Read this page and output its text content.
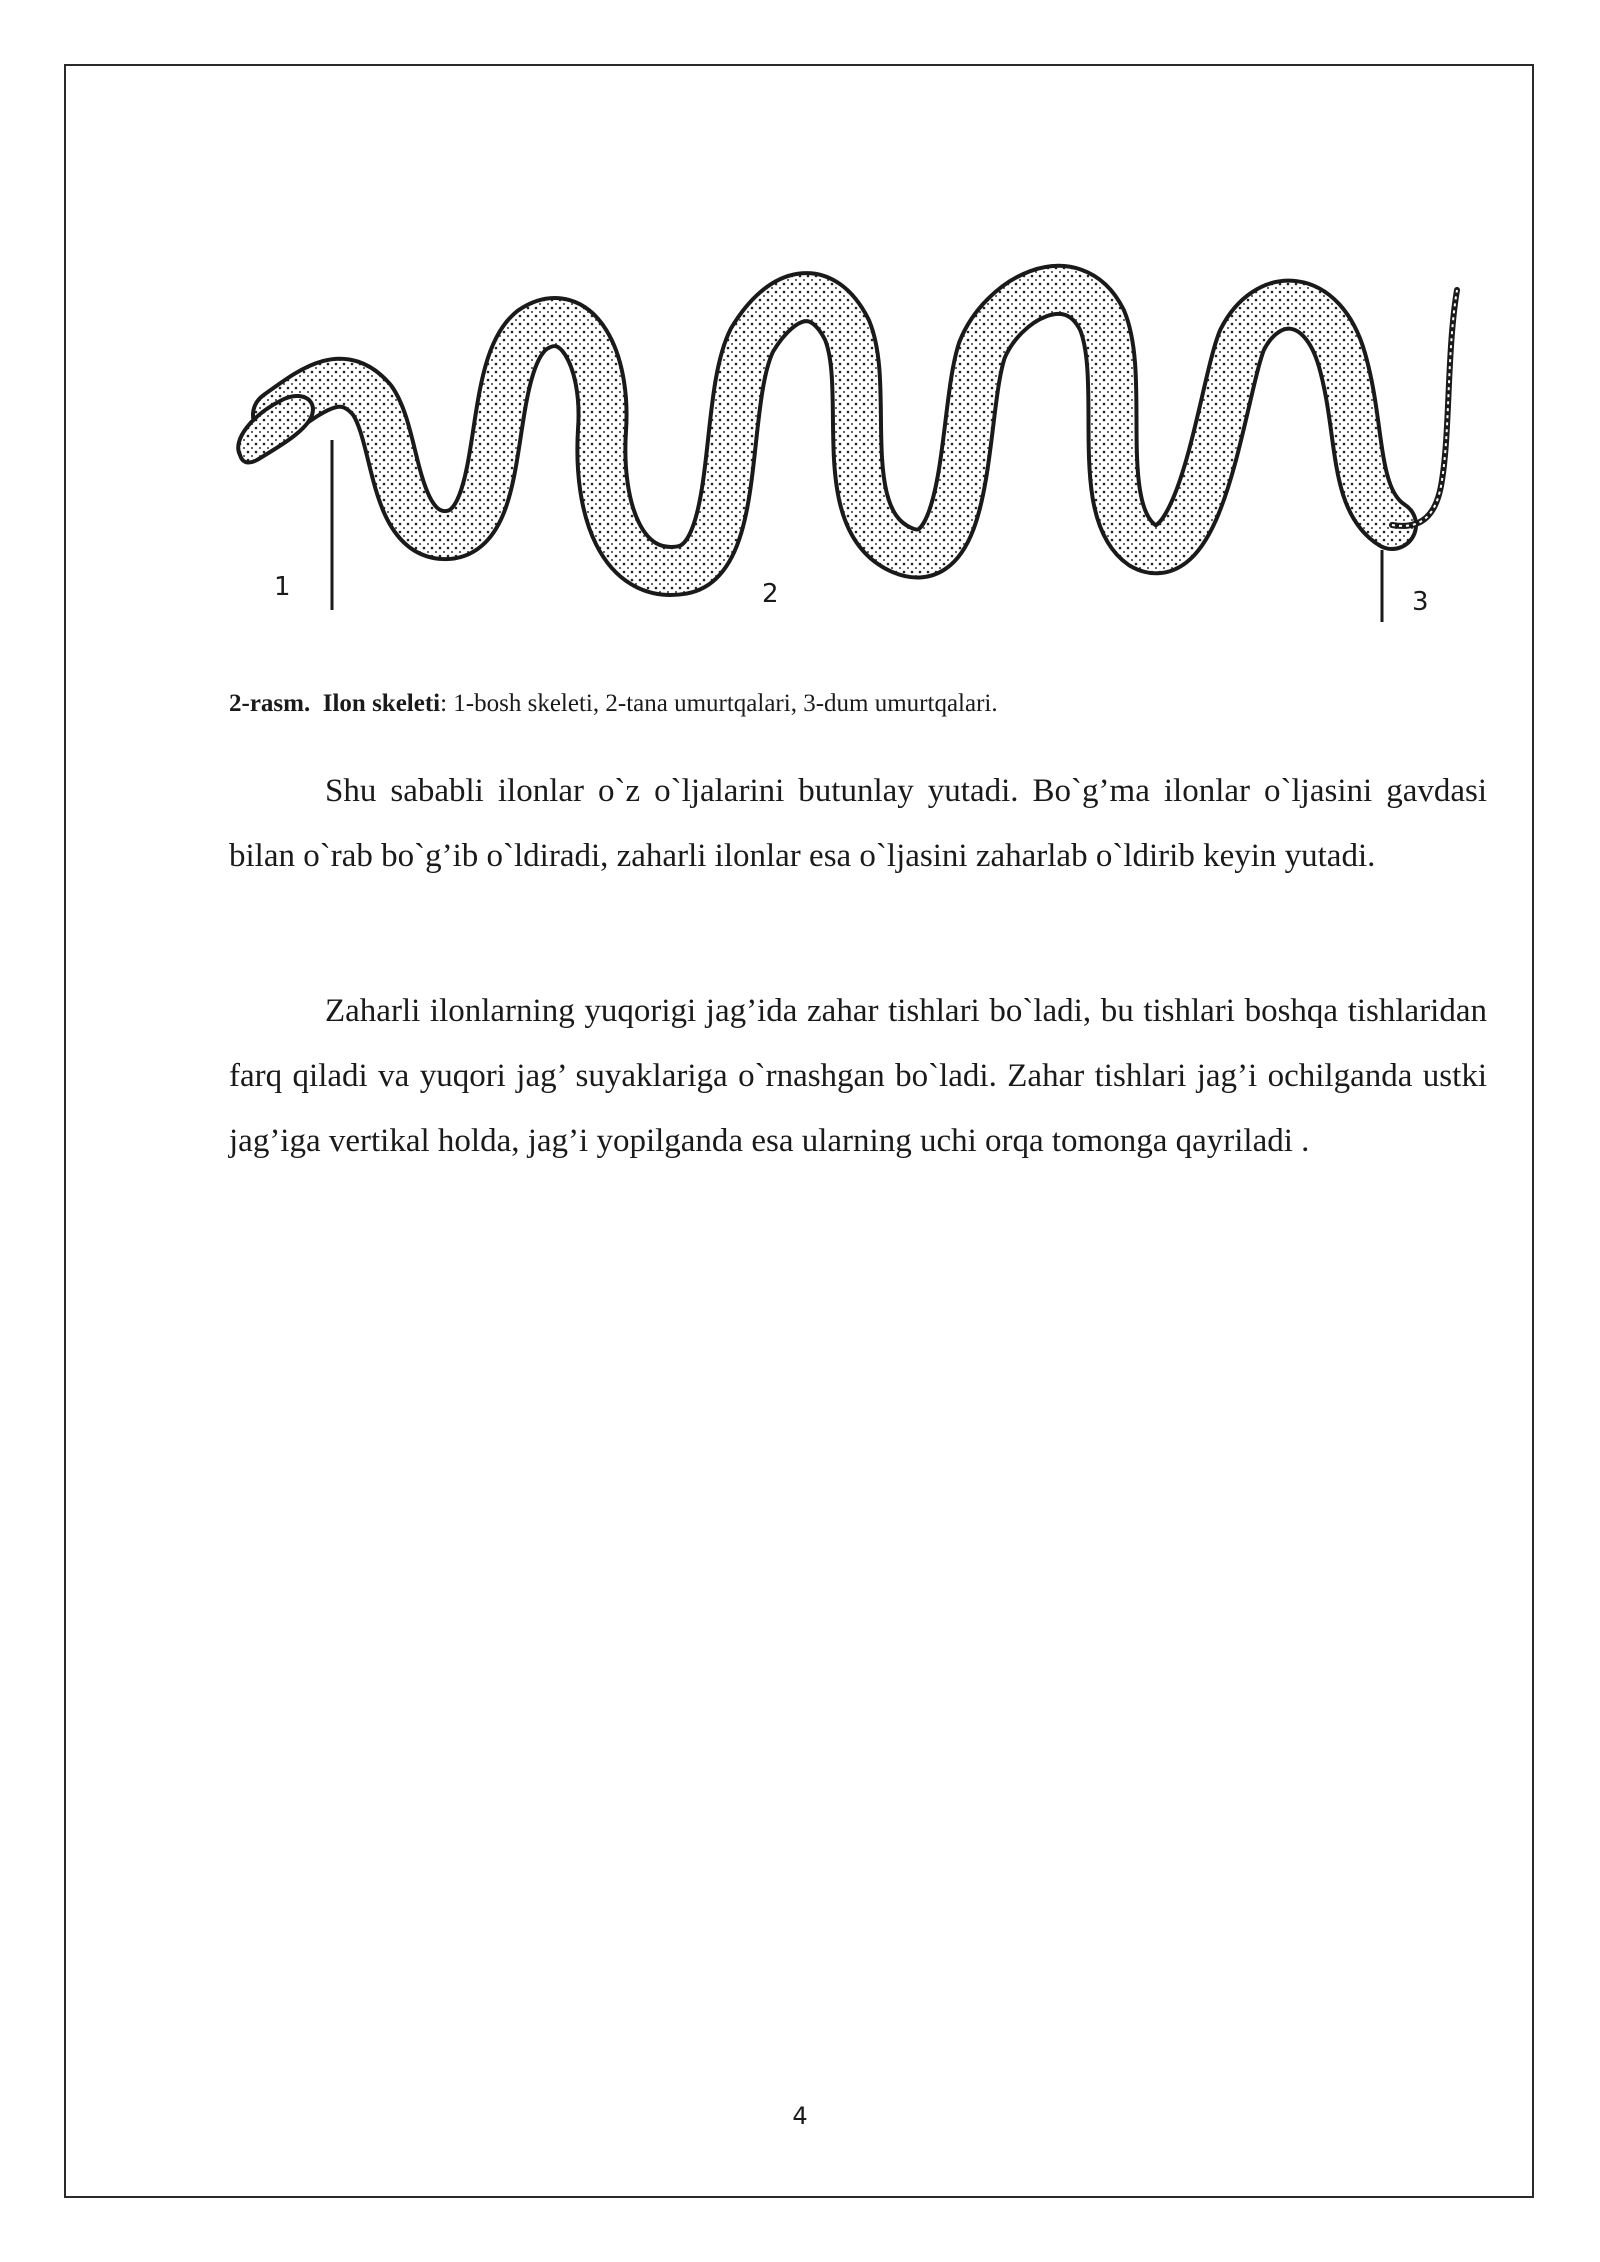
1	2	3
2-rasm. Ilon skeleti: 1-bosh skeleti, 2-tana umurtqalari, 3-dum umurtqalari.

Shu sababli ilonlar o`z o`ljalarini butunlay yutadi. Bo`g’ma ilonlar o`ljasini gavdasi bilan o`rab bo`g’ib o`ldiradi, zaharli ilonlar esa o`ljasini zaharlab o`ldirib keyin yutadi.

Zaharli ilonlarning yuqorigi jag’ida zahar tishlari bo`ladi, bu tishlari boshqa tishlaridan farq qiladi va yuqori jag’ suyaklariga o`rnashgan bo`ladi. Zahar tishlari jag’i ochilganda ustki jag’iga vertikal holda, jag’i yopilganda esa ularning uchi orqa tomonga qayriladi .

4
